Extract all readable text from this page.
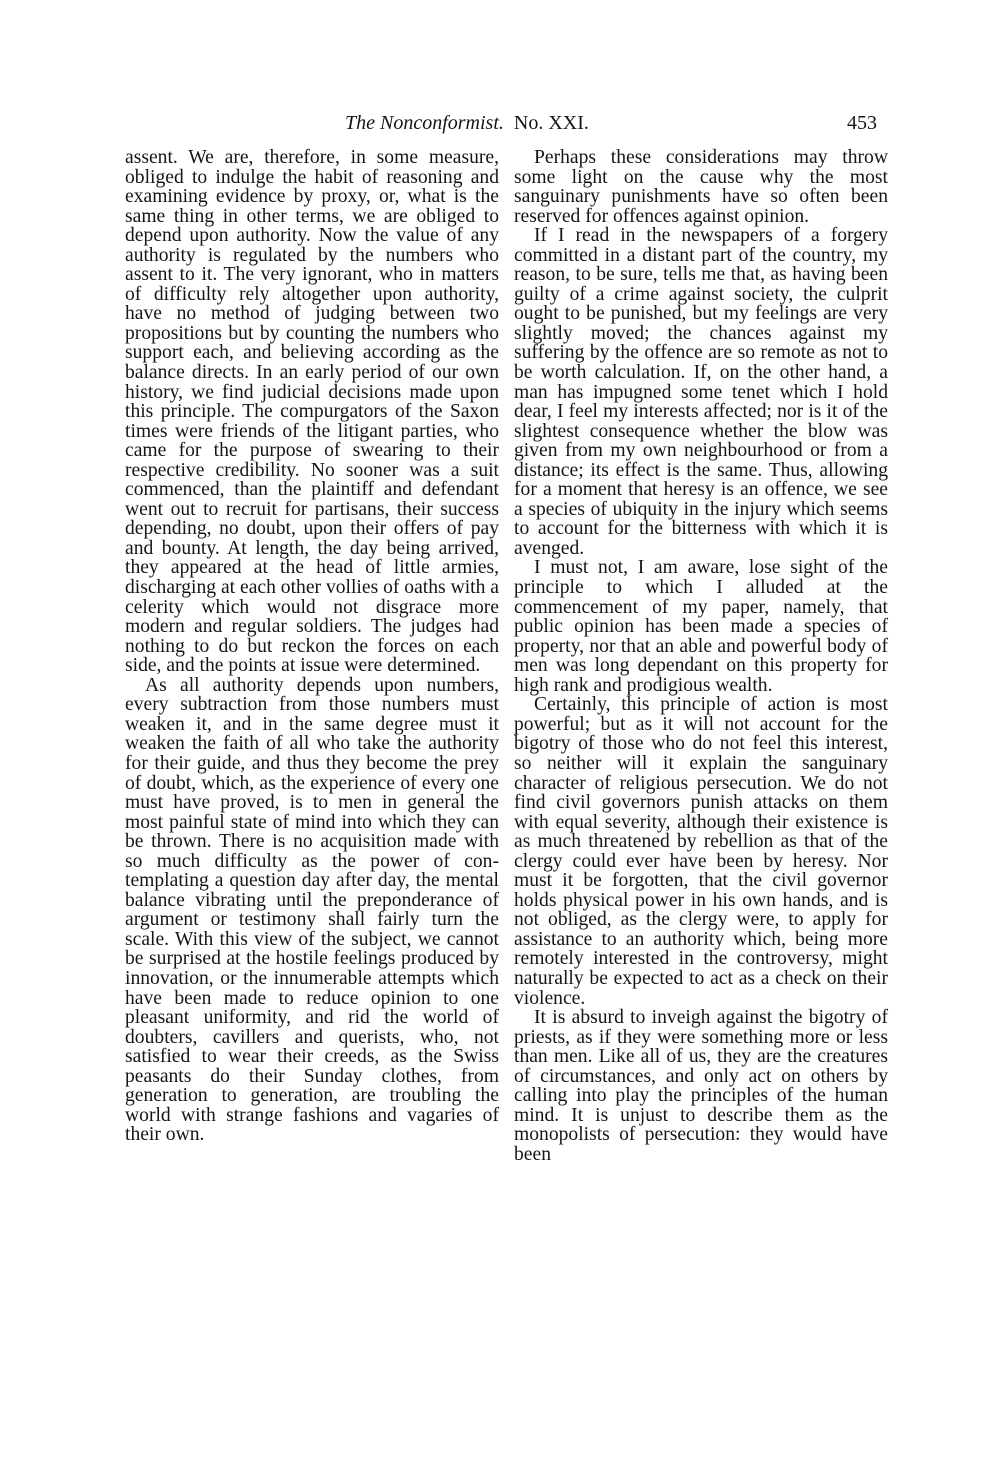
The Nonconformist. No. XXI.	453

assent. We are, therefore, in some measure, obliged to indulge the habit of reasoning and examining evidence by proxy, or, what is the same thing in other terms, we are obliged to depend upon authority. Now the value of any authority is regulated by the numbers who assent to it. The very ignorant, who in matters of difficulty rely altogether upon authority, have no method of judging between two propositions but by counting the numbers who support each, and believing according as the balance directs. In an early period of our own history, we find judicial decisions made upon this principle. The compurgators of the Saxon times were friends of the litigant parties, who came for the purpose of swearing to their respective credibility. No sooner was a suit commenced, than the plaintiff and defendant went out to recruit for partisans, their success depending, no doubt, upon their offers of pay and bounty. At length, the day being arrived, they appeared at the head of little armies, discharging at each other vollies of oaths with a celerity which would not disgrace more modern and regular soldiers. The judges had nothing to do but reckon the forces on each side, and the points at issue were determined.

As all authority depends upon numbers, every subtraction from those numbers must weaken it, and in the same degree must it weaken the faith of all who take the authority for their guide, and thus they become the prey of doubt, which, as the experience of every one must have proved, is to men in general the most painful state of mind into which they can be thrown. There is no acquisition made with so much difficulty as the power of contemplating a question day after day, the mental balance vibrating until the preponderance of argument or testimony shall fairly turn the scale. With this view of the subject, we cannot be surprised at the hostile feelings produced by innovation, or the innumerable attempts which have been made to reduce opinion to one pleasant uniformity, and rid the world of doubters, cavillers and querists, who, not satisfied to wear their creeds, as the Swiss peasants do their Sunday clothes, from generation to generation, are troubling the world with strange fashions and vagaries of their own.

Perhaps these considerations may throw some light on the cause why the most sanguinary punishments have so often been reserved for offences against opinion.

If I read in the newspapers of a forgery committed in a distant part of the country, my reason, to be sure, tells me that, as having been guilty of a crime against society, the culprit ought to be punished, but my feelings are very slightly moved; the chances against my suffering by the offence are so remote as not to be worth calculation. If, on the other hand, a man has impugned some tenet which I hold dear, I feel my interests affected; nor is it of the slightest consequence whether the blow was given from my own neighbourhood or from a distance; its effect is the same. Thus, allowing for a moment that heresy is an offence, we see a species of ubiquity in the injury which seems to account for the bitterness with which it is avenged.

I must not, I am aware, lose sight of the principle to which I alluded at the commencement of my paper, namely, that public opinion has been made a species of property, nor that an able and powerful body of men was long dependant on this property for high rank and prodigious wealth.

Certainly, this principle of action is most powerful; but as it will not account for the bigotry of those who do not feel this interest, so neither will it explain the sanguinary character of religious persecution. We do not find civil governors punish attacks on them with equal severity, although their existence is as much threatened by rebellion as that of the clergy could ever have been by heresy. Nor must it be forgotten, that the civil governor holds physical power in his own hands, and is not obliged, as the clergy were, to apply for assistance to an authority which, being more remotely interested in the controversy, might naturally be expected to act as a check on their violence.

It is absurd to inveigh against the bigotry of priests, as if they were something more or less than men. Like all of us, they are the creatures of circumstances, and only act on others by calling into play the principles of the human mind. It is unjust to describe them as the monopolists of persecution: they would have been
